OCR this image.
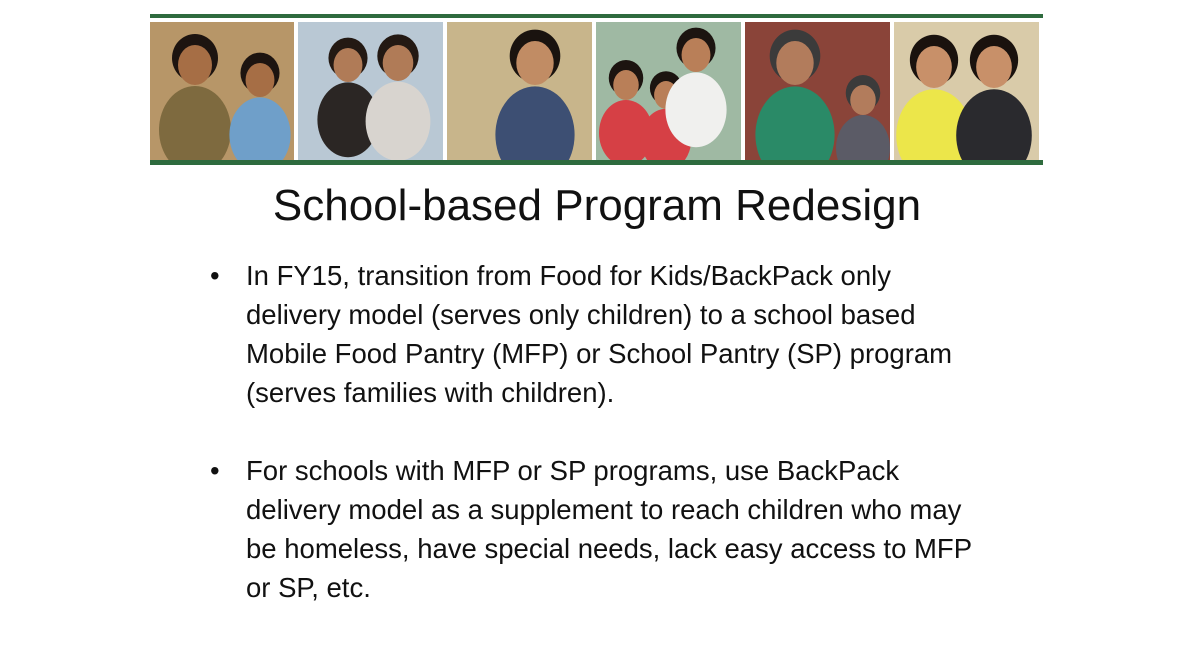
School-based Program Redesign
• In FY15, transition from Food for Kids/BackPack only delivery model (serves only children) to a school based Mobile Food Pantry (MFP) or School Pantry (SP) program (serves families with children).
• For schools with MFP or SP programs, use BackPack delivery model as a supplement to reach children who may be homeless, have special needs, lack easy access to MFP or SP, etc.
